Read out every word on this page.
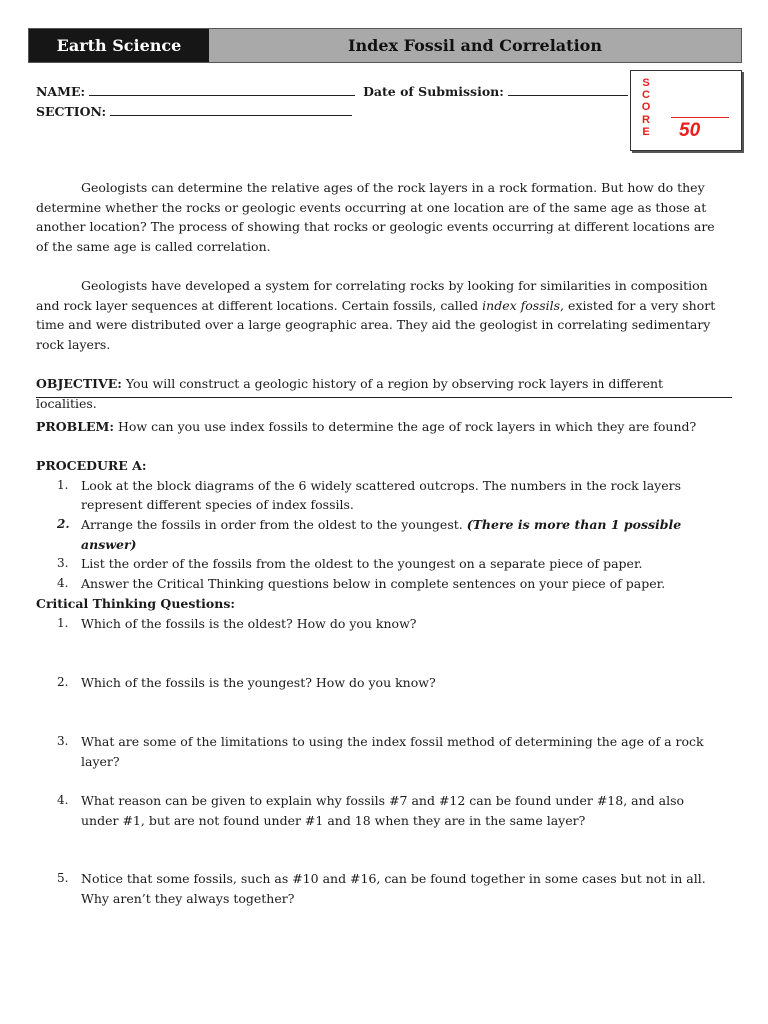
Earth Science	Index Fossil and Correlation
NAME:	Date of Submission:
SECTION:
S
C
O
R
E 50

Geologists can determine the relative ages of the rock layers in a rock formation. But how do they determine whether the rocks or geologic events occurring at one location are of the same age as those at another location? The process of showing that rocks or geologic events occurring at different locations are of the same age is called correlation.

Geologists have developed a system for correlating rocks by looking for similarities in composition and rock layer sequences at different locations. Certain fossils, called index fossils, existed for a very short time and were distributed over a large geographic area. They aid the geologist in correlating sedimentary rock layers.

OBJECTIVE: You will construct a geologic history of a region by observing rock layers in different localities.

PROBLEM: How can you use index fossils to determine the age of rock layers in which they are found?

PROCEDURE A:

1. Look at the block diagrams of the 6 widely scattered outcrops. The numbers in the rock layers represent different species of index fossils.
2. Arrange the fossils in order from the oldest to the youngest. (There is more than 1 possible answer)
3. List the order of the fossils from the oldest to the youngest on a separate piece of paper.
4. Answer the Critical Thinking questions below in complete sentences on your piece of paper.

Critical Thinking Questions:

1. Which of the fossils is the oldest? How do you know?
2. Which of the fossils is the youngest? How do you know?
3. What are some of the limitations to using the index fossil method of determining the age of a rock layer?
4. What reason can be given to explain why fossils #7 and #12 can be found under #18, and also under #1, but are not found under #1 and 18 when they are in the same layer?
5. Notice that some fossils, such as #10 and #16, can be found together in some cases but not in all. Why aren’t they always together?
